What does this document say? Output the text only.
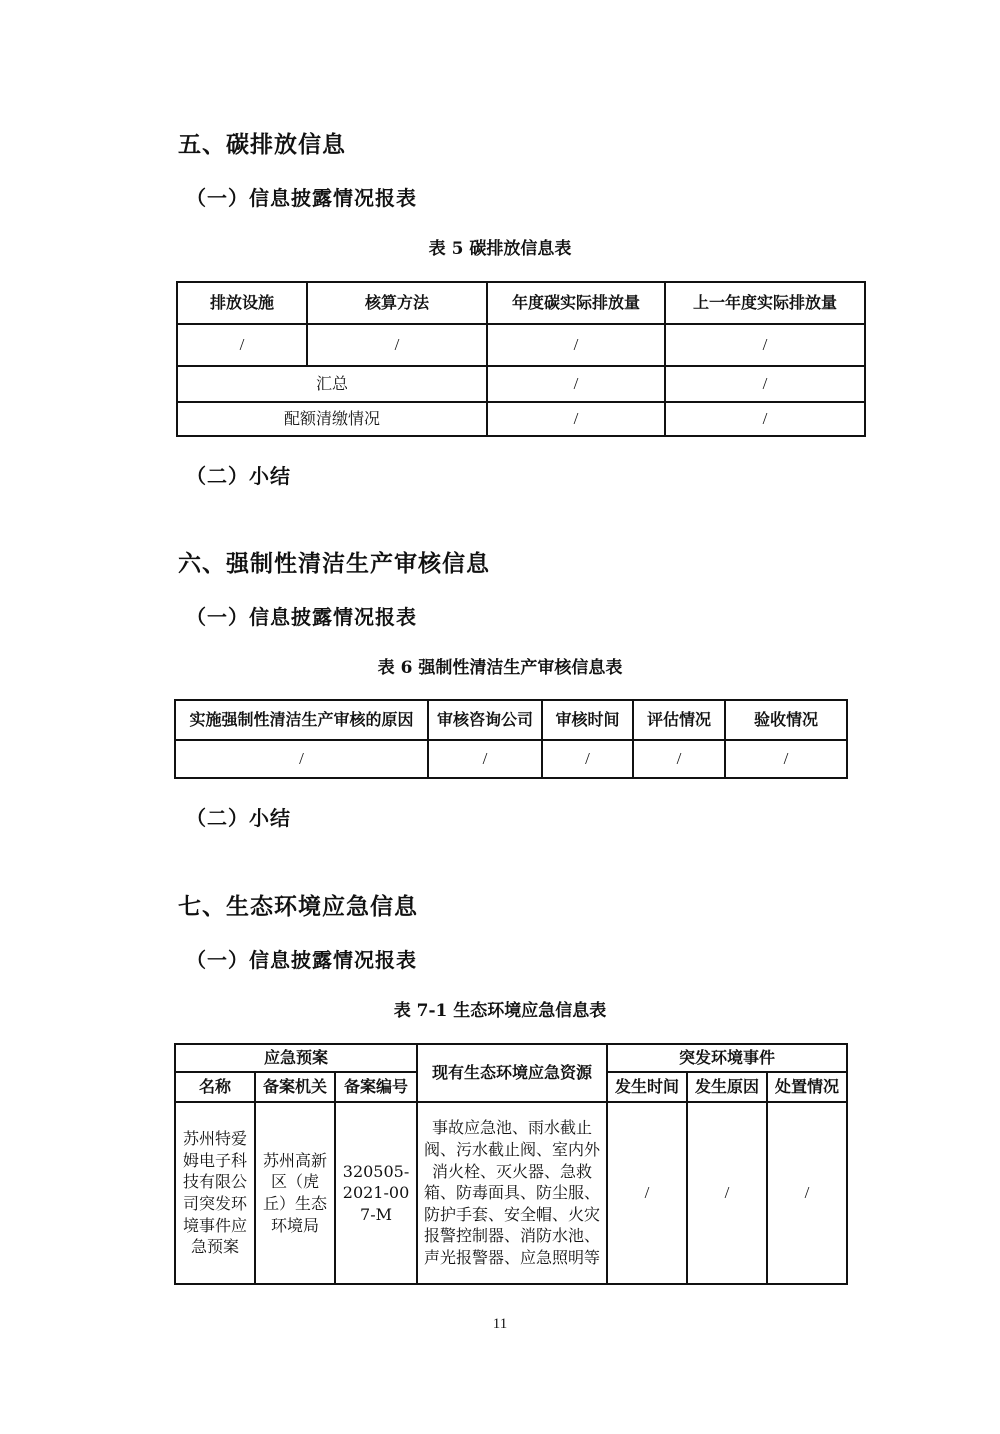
五、碳排放信息
（一）信息披露情况报表
表 5 碳排放信息表
排放设施	核算方法	年度碳实际排放量	上一年度实际排放量
/	/	/	/
汇总		/	/
配额清缴情况		/	/
（二）小结
六、强制性清洁生产审核信息
（一）信息披露情况报表
表 6 强制性清洁生产审核信息表
实施强制性清洁生产审核的原因	审核咨询公司	审核时间	评估情况	验收情况
/	/	/	/	/
（二）小结
七、生态环境应急信息
（一）信息披露情况报表
表 7-1 生态环境应急信息表
应急预案			现有生态环境应急资源	突发环境事件		
名称	备案机关	备案编号		发生时间	发生原因	处置情况
苏州特爱姆电子科技有限公司突发环境事件应急预案	苏州高新区（虎丘）生态环境局	320505-2021-007-M	事故应急池、雨水截止阀、污水截止阀、室内外消火栓、灭火器、急救箱、防毒面具、防尘服、防护手套、安全帽、火灾报警控制器、消防水池、声光报警器、应急照明等	/	/	/
11
